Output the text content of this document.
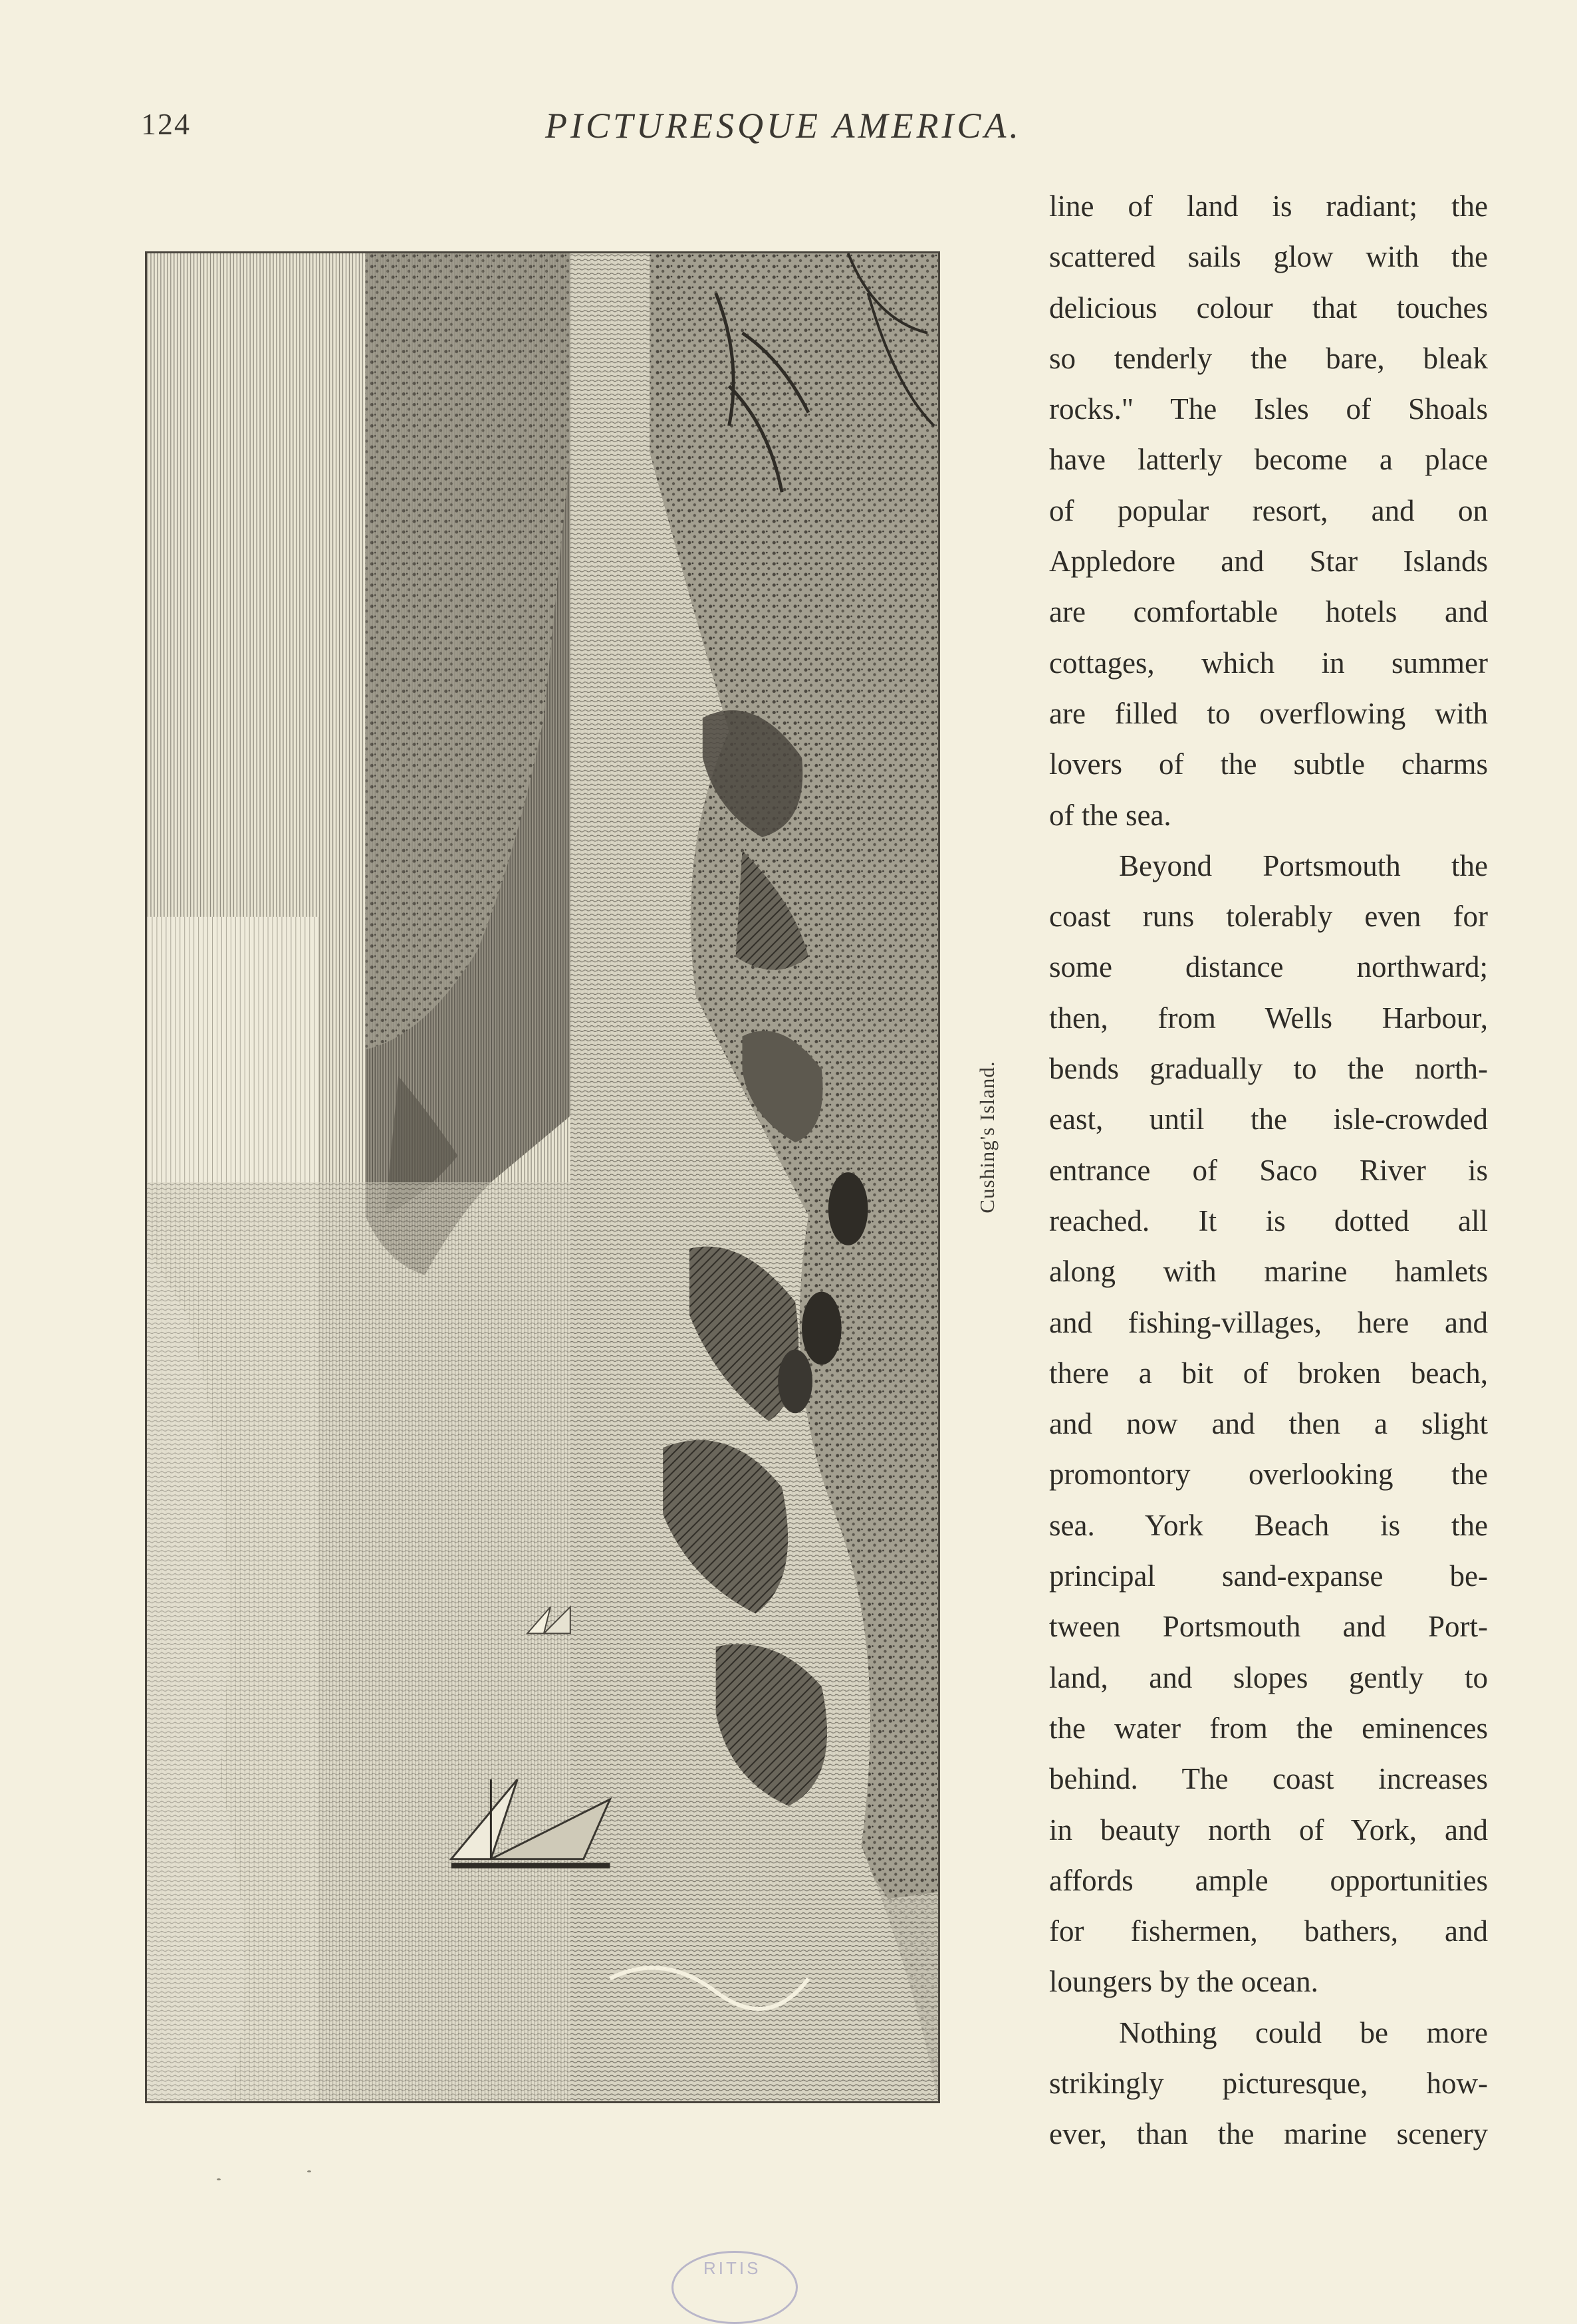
124	PICTURESQUE AMERICA.
Cushing's Island.
line of land is radiant; the
scattered sails glow with the
delicious colour that touches
so tenderly the bare, bleak
rocks." The Isles of Shoals
have latterly become a place
of popular resort, and on
Appledore and Star Islands
are comfortable hotels and
cottages, which in summer
are filled to overflowing with
lovers of the subtle charms
of the sea.
Beyond Portsmouth the
coast runs tolerably even for
some distance northward;
then, from Wells Harbour,
bends gradually to the north-
east, until the isle-crowded
entrance of Saco River is
reached. It is dotted all
along with marine hamlets
and fishing-villages, here and
there a bit of broken beach,
and now and then a slight
promontory overlooking the
sea. York Beach is the
principal sand-expanse be-
tween Portsmouth and Port-
land, and slopes gently to
the water from the eminences
behind. The coast increases
in beauty north of York, and
affords ample opportunities
for fishermen, bathers, and
loungers by the ocean.
Nothing could be more
strikingly picturesque, how-
ever, than the marine scenery
RITIS
